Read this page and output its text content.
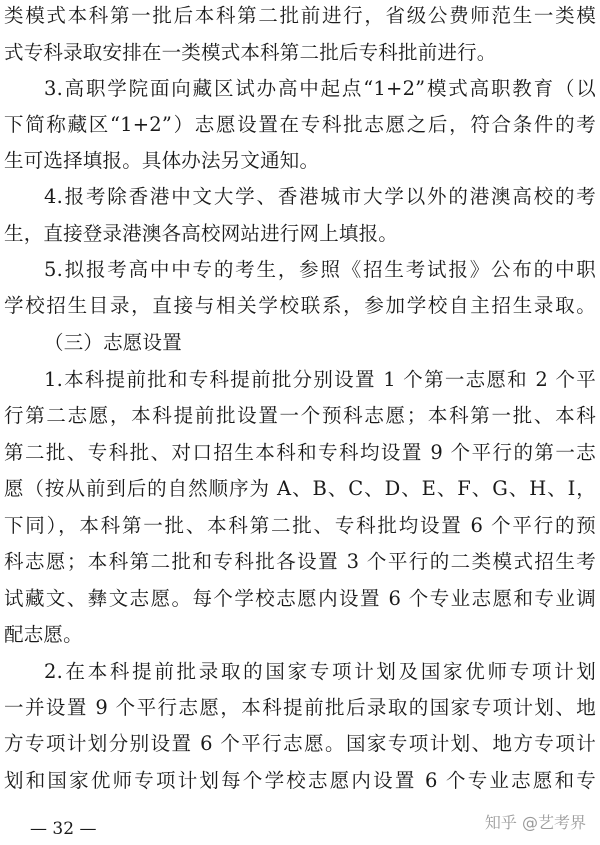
类模式本科第一批后本科第二批前进行，省级公费师范生一类模
式专科录取安排在一类模式本科第二批后专科批前进行。
3.高职学院面向藏区试办高中起点“1+2”模式高职教育（以
下简称藏区“1+2”）志愿设置在专科批志愿之后，符合条件的考
生可选择填报。具体办法另文通知。
4.报考除香港中文大学、香港城市大学以外的港澳高校的考
生，直接登录港澳各高校网站进行网上填报。
5.拟报考高中中专的考生，参照《招生考试报》公布的中职
学校招生目录，直接与相关学校联系，参加学校自主招生录取。
（三）志愿设置
1.本科提前批和专科提前批分别设置 1 个第一志愿和 2 个平
行第二志愿，本科提前批设置一个预科志愿；本科第一批、本科
第二批、专科批、对口招生本科和专科均设置 9 个平行的第一志
愿（按从前到后的自然顺序为 A、B、C、D、E、F、G、H、I，
下同），本科第一批、本科第二批、专科批均设置 6 个平行的预
科志愿；本科第二批和专科批各设置 3 个平行的二类模式招生考
试藏文、彝文志愿。每个学校志愿内设置 6 个专业志愿和专业调
配志愿。
2.在本科提前批录取的国家专项计划及国家优师专项计划
一并设置 9 个平行志愿，本科提前批后录取的国家专项计划、地
方专项计划分别设置 6 个平行志愿。国家专项计划、地方专项计
划和国家优师专项计划每个学校志愿内设置 6 个专业志愿和专
— 32 —	知乎 @艺考界
